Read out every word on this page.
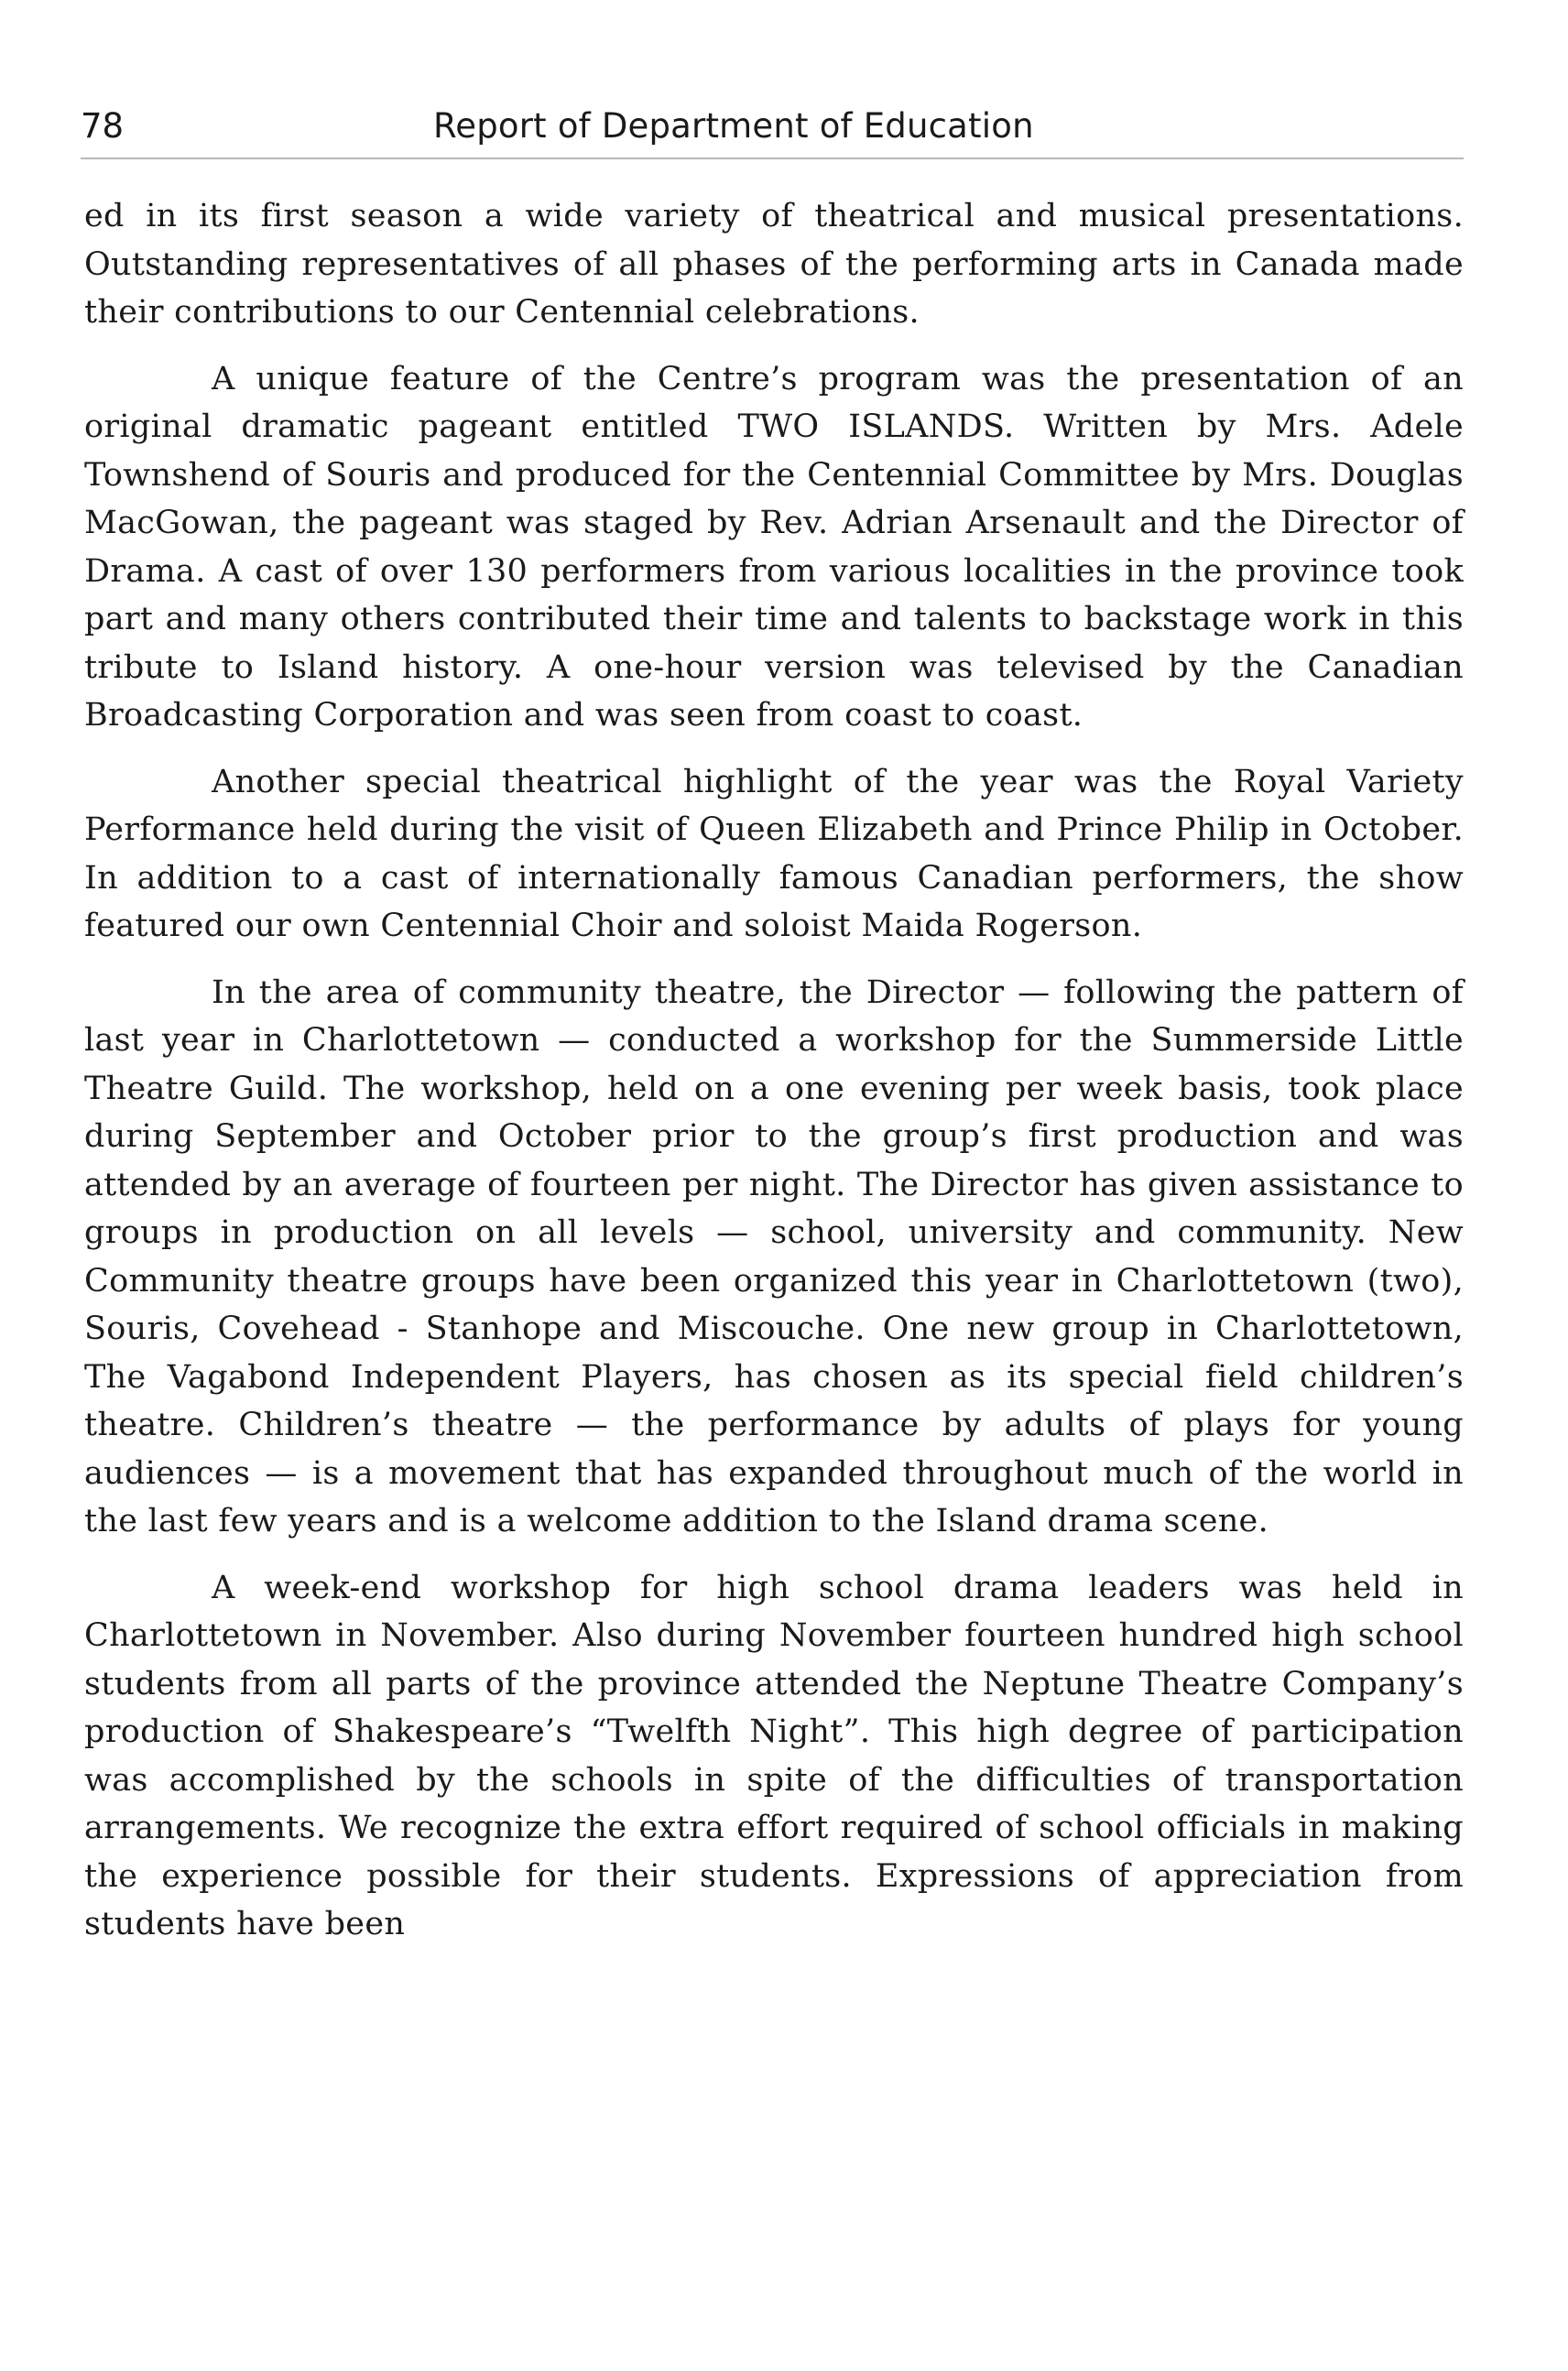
78	Report of Department of Education

ed in its first season a wide variety of theatrical and musical presentations. Outstanding representatives of all phases of the performing arts in Canada made their contributions to our Centennial celebrations.

A unique feature of the Centre’s program was the presentation of an original dramatic pageant entitled TWO ISLANDS. Written by Mrs. Adele Townshend of Souris and produced for the Centennial Committee by Mrs. Douglas MacGowan, the pageant was staged by Rev. Adrian Arsenault and the Director of Drama. A cast of over 130 performers from various localities in the province took part and many others contributed their time and talents to backstage work in this tribute to Island history. A one-hour version was televised by the Canadian Broadcasting Corporation and was seen from coast to coast.

Another special theatrical highlight of the year was the Royal Variety Performance held during the visit of Queen Elizabeth and Prince Philip in October. In addition to a cast of internationally famous Canadian performers, the show featured our own Centennial Choir and soloist Maida Rogerson.

In the area of community theatre, the Director — following the pattern of last year in Charlottetown — conducted a workshop for the Summerside Little Theatre Guild. The workshop, held on a one evening per week basis, took place during September and October prior to the group’s first production and was attended by an average of fourteen per night. The Director has given assistance to groups in production on all levels — school, university and community. New Community theatre groups have been organized this year in Charlottetown (two), Souris, Covehead - Stanhope and Miscouche. One new group in Charlottetown, The Vagabond Independent Players, has chosen as its special field children’s theatre. Children’s theatre — the performance by adults of plays for young audiences — is a movement that has expanded throughout much of the world in the last few years and is a welcome addition to the Island drama scene.

A week-end workshop for high school drama leaders was held in Charlottetown in November. Also during November fourteen hundred high school students from all parts of the province attended the Neptune Theatre Company’s production of Shakespeare’s “Twelfth Night”. This high degree of participation was accomplished by the schools in spite of the difficulties of transportation arrangements. We recognize the extra effort required of school officials in making the experience possible for their students. Expressions of appreciation from students have been
